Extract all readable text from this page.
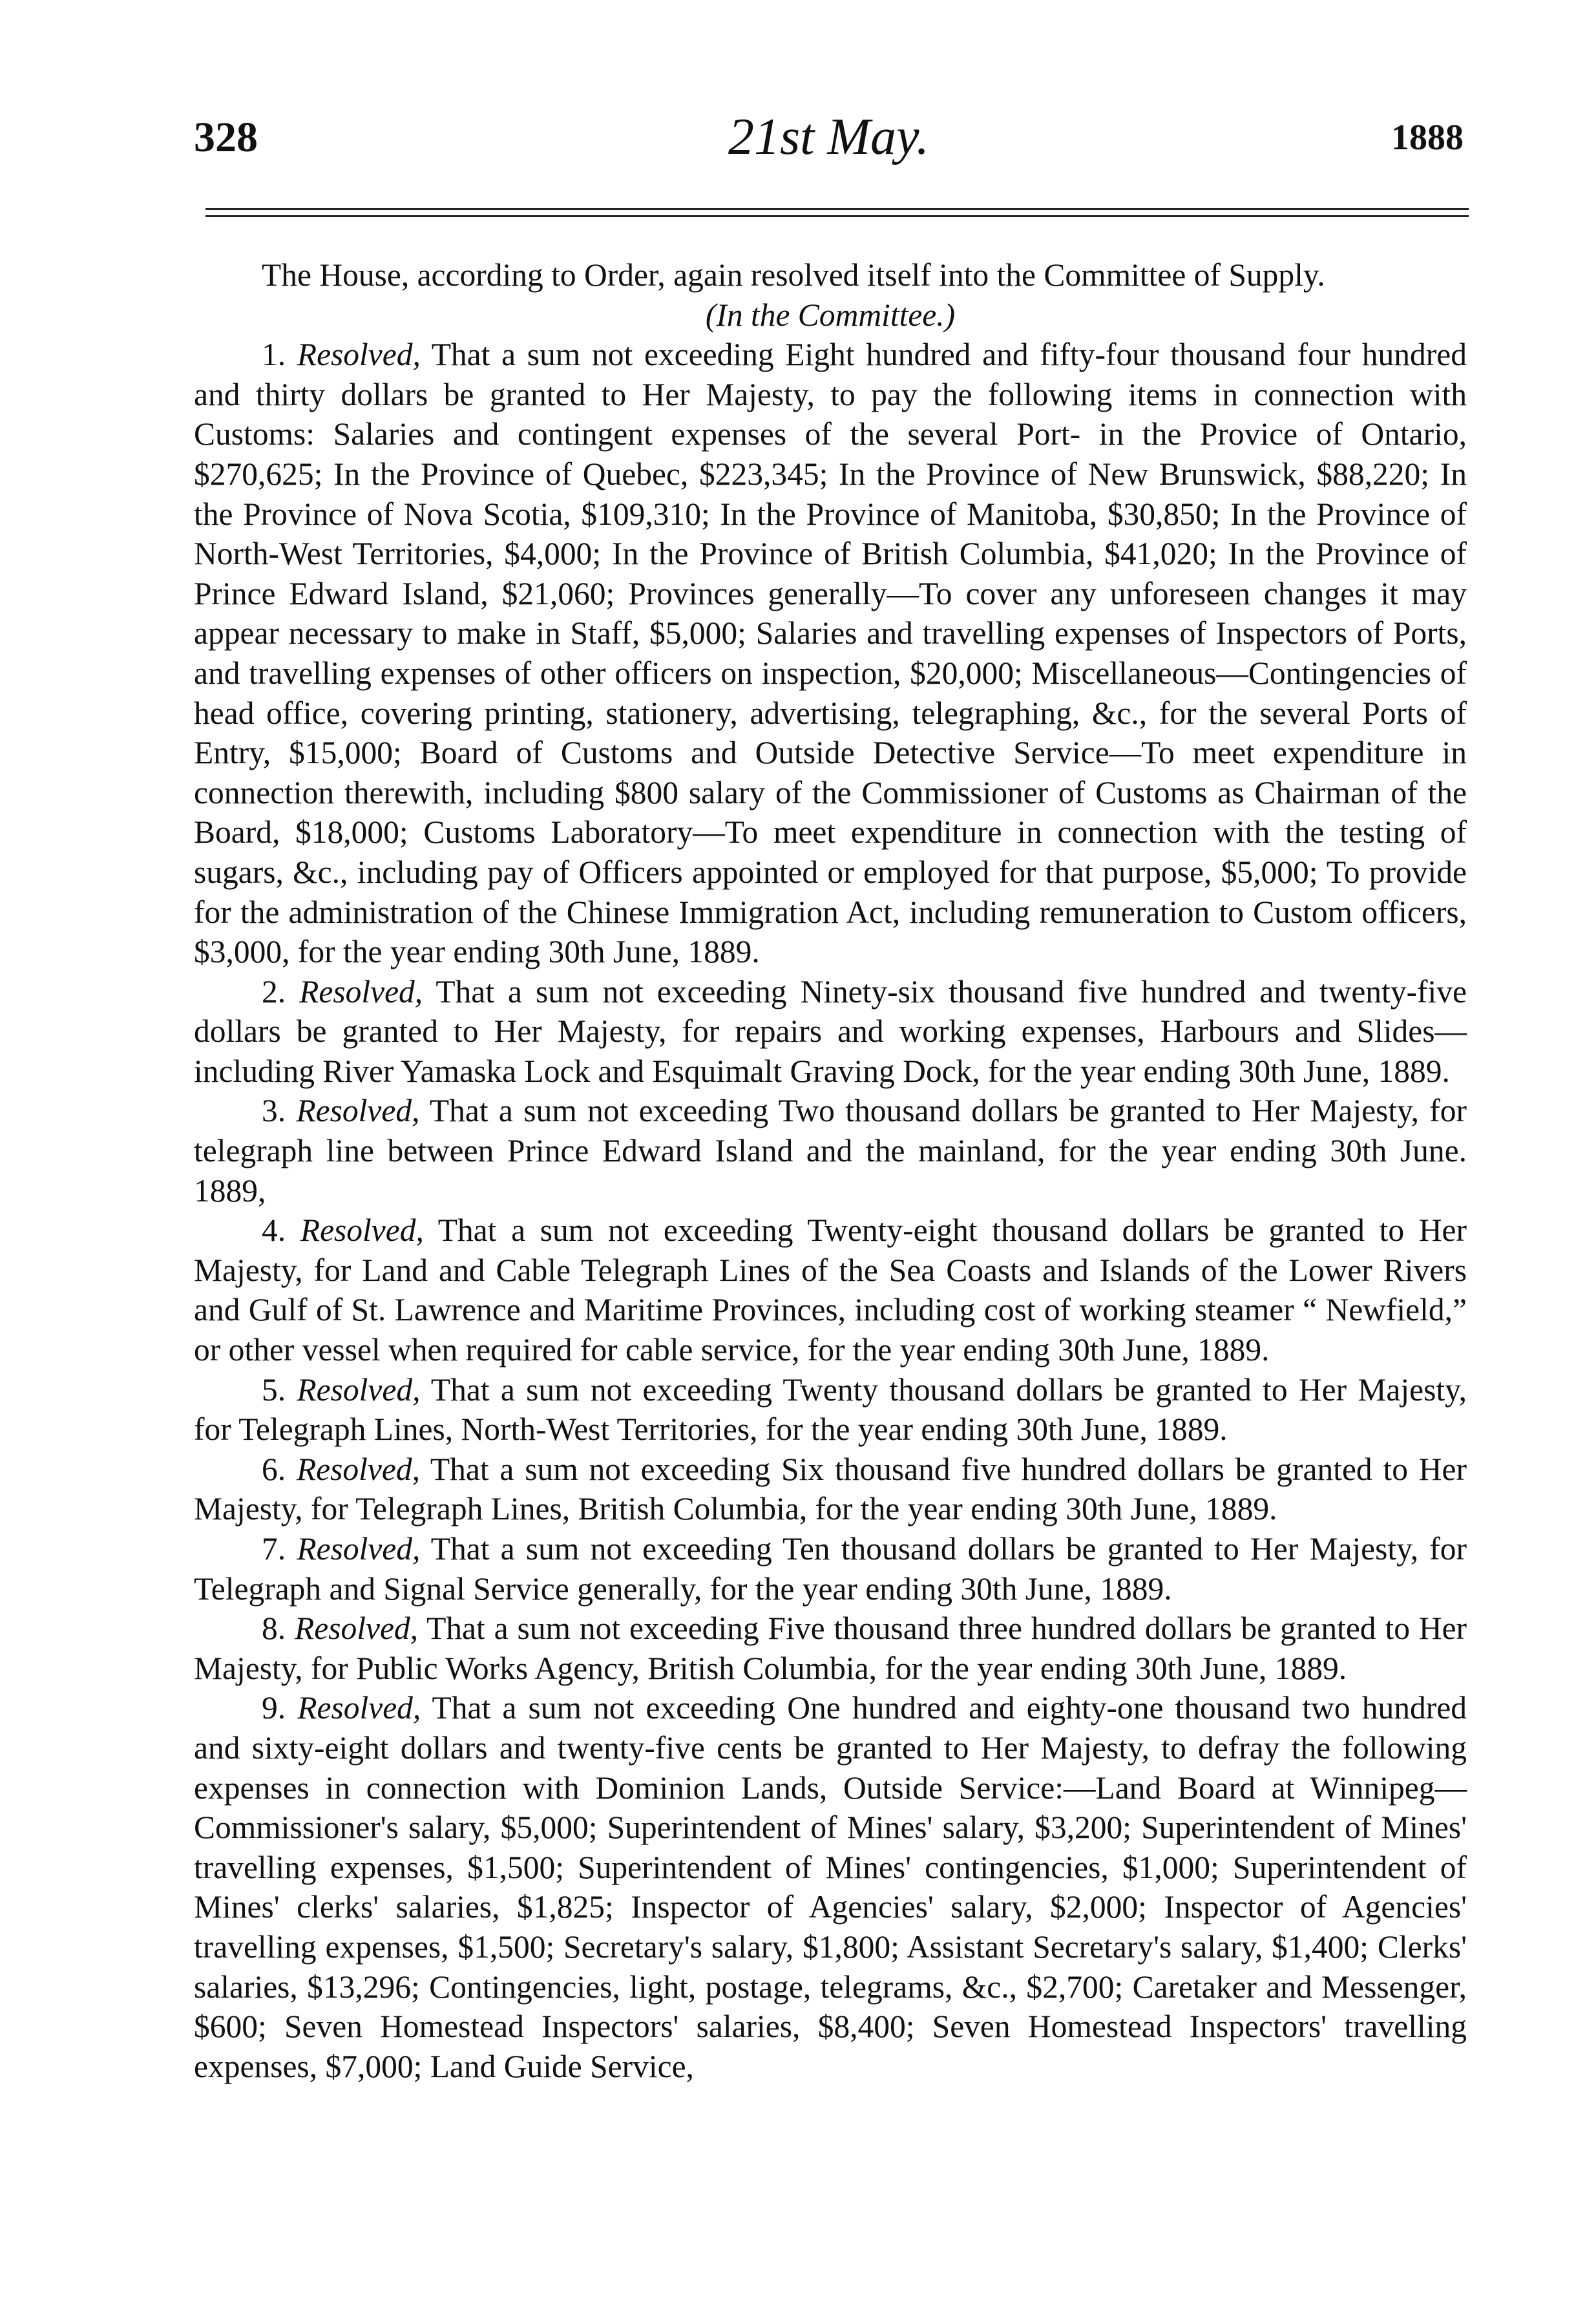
328	21st May.	1888

The House, according to Order, again resolved itself into the Committee of Supply.

(In the Committee.)

1. Resolved, That a sum not exceeding Eight hundred and fifty-four thousand four hundred and thirty dollars be granted to Her Majesty, to pay the following items in connection with Customs: Salaries and contingent expenses of the several Port- in the Provice of Ontario, $270,625; In the Province of Quebec, $223,345; In the Province of New Brunswick, $88,220; In the Province of Nova Scotia, $109,310; In the Province of Manitoba, $30,850; In the Province of North-West Territories, $4,000; In the Province of British Columbia, $41,020; In the Province of Prince Edward Island, $21,060; Provinces generally—To cover any unforeseen changes it may appear necessary to make in Staff, $5,000; Salaries and travelling expenses of Inspectors of Ports, and travelling expenses of other officers on inspection, $20,000; Miscellaneous—Contingencies of head office, covering printing, stationery, advertising, telegraphing, &c., for the several Ports of Entry, $15,000; Board of Customs and Outside Detective Service—To meet expenditure in connection therewith, including $800 salary of the Commissioner of Customs as Chairman of the Board, $18,000; Customs Laboratory—To meet expenditure in connection with the testing of sugars, &c., including pay of Officers appointed or employed for that purpose, $5,000; To provide for the administration of the Chinese Immigration Act, including remuneration to Custom officers, $3,000, for the year ending 30th June, 1889.

2. Resolved, That a sum not exceeding Ninety-six thousand five hundred and twenty-five dollars be granted to Her Majesty, for repairs and working expenses, Harbours and Slides—including River Yamaska Lock and Esquimalt Graving Dock, for the year ending 30th June, 1889.

3. Resolved, That a sum not exceeding Two thousand dollars be granted to Her Majesty, for telegraph line between Prince Edward Island and the mainland, for the year ending 30th June. 1889,

4. Resolved, That a sum not exceeding Twenty-eight thousand dollars be granted to Her Majesty, for Land and Cable Telegraph Lines of the Sea Coasts and Islands of the Lower Rivers and Gulf of St. Lawrence and Maritime Provinces, including cost of working steamer “ Newfield,” or other vessel when required for cable service, for the year ending 30th June, 1889.

5. Resolved, That a sum not exceeding Twenty thousand dollars be granted to Her Majesty, for Telegraph Lines, North-West Territories, for the year ending 30th June, 1889.

6. Resolved, That a sum not exceeding Six thousand five hundred dollars be granted to Her Majesty, for Telegraph Lines, British Columbia, for the year ending 30th June, 1889.

7. Resolved, That a sum not exceeding Ten thousand dollars be granted to Her Majesty, for Telegraph and Signal Service generally, for the year ending 30th June, 1889.

8. Resolved, That a sum not exceeding Five thousand three hundred dollars be granted to Her Majesty, for Public Works Agency, British Columbia, for the year ending 30th June, 1889.

9. Resolved, That a sum not exceeding One hundred and eighty-one thousand two hundred and sixty-eight dollars and twenty-five cents be granted to Her Majesty, to defray the following expenses in connection with Dominion Lands, Outside Service:—Land Board at Winnipeg—Commissioner's salary, $5,000; Superintendent of Mines' salary, $3,200; Superintendent of Mines' travelling expenses, $1,500; Superintendent of Mines' contingencies, $1,000; Superintendent of Mines' clerks' salaries, $1,825; Inspector of Agencies' salary, $2,000; Inspector of Agencies' travelling expenses, $1,500; Secretary's salary, $1,800; Assistant Secretary's salary, $1,400; Clerks' salaries, $13,296; Contingencies, light, postage, telegrams, &c., $2,700; Caretaker and Messenger, $600; Seven Homestead Inspectors' salaries, $8,400; Seven Homestead Inspectors' travelling expenses, $7,000; Land Guide Service,
